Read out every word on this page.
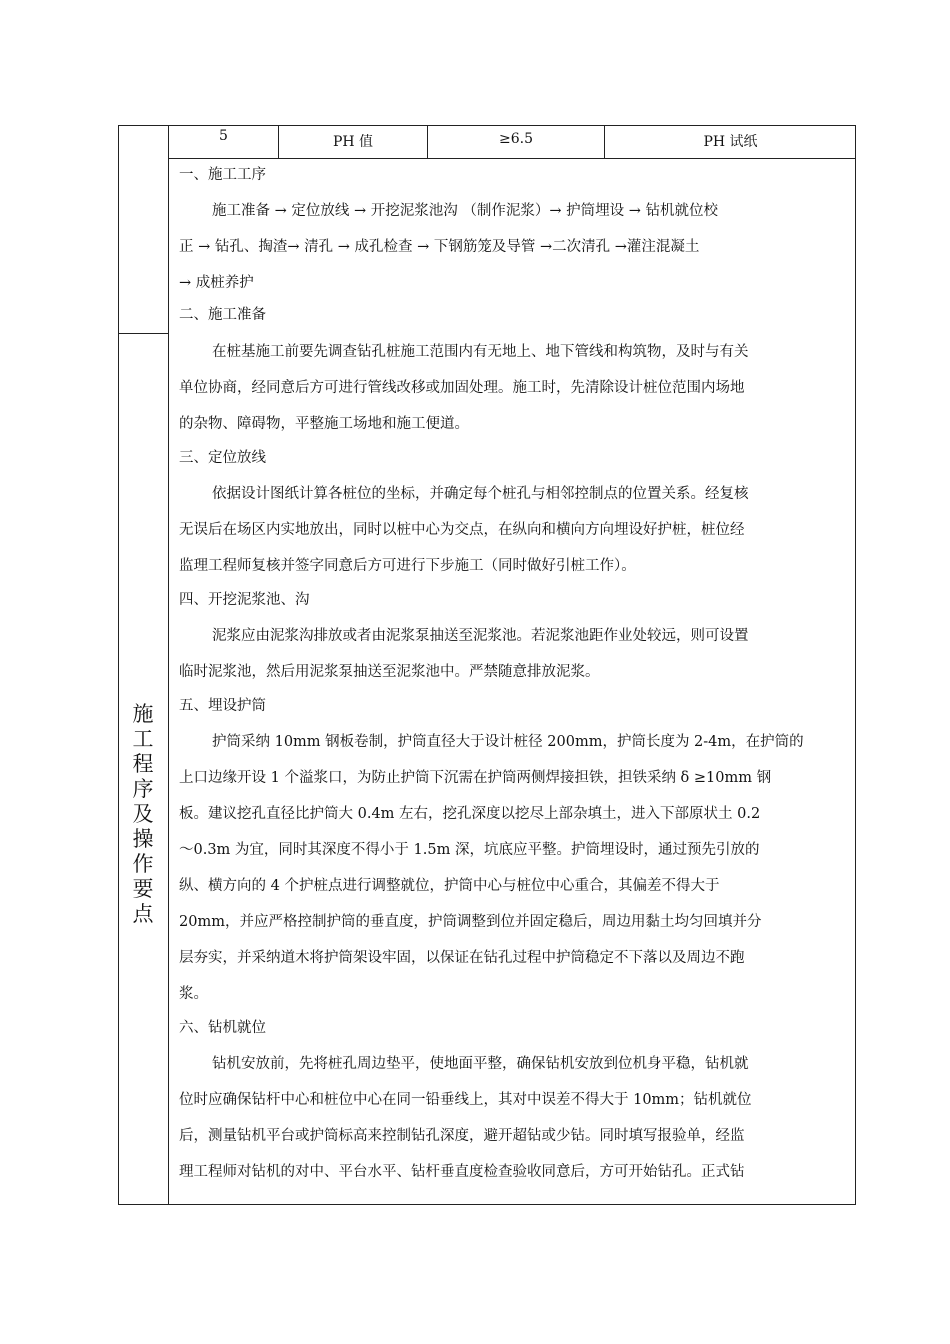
5	PH 值	≥6.5	PH 试纸
施
工
程
序
及
操
作
要
点
一、施工工序
施工准备 → 定位放线 → 开挖泥浆池沟 （制作泥浆）→ 护筒埋设 → 钻机就位校
正 → 钻孔、掏渣→ 清孔 → 成孔检查 → 下钢筋笼及导管 →二次清孔 →灌注混凝土
→ 成桩养护
二、施工准备
在桩基施工前要先调查钻孔桩施工范围内有无地上、地下管线和构筑物，及时与有关
单位协商，经同意后方可进行管线改移或加固处理。施工时，先清除设计桩位范围内场地
的杂物、障碍物，平整施工场地和施工便道。
三、定位放线
依据设计图纸计算各桩位的坐标，并确定每个桩孔与相邻控制点的位置关系。经复核
无误后在场区内实地放出，同时以桩中心为交点，在纵向和横向方向埋设好护桩，桩位经
监理工程师复核并签字同意后方可进行下步施工（同时做好引桩工作）。
四、开挖泥浆池、沟
泥浆应由泥浆沟排放或者由泥浆泵抽送至泥浆池。若泥浆池距作业处较远，则可设置
临时泥浆池，然后用泥浆泵抽送至泥浆池中。严禁随意排放泥浆。
五、埋设护筒
护筒采纳 10mm 钢板卷制，护筒直径大于设计桩径 200mm，护筒长度为 2-4m，在护筒的
上口边缘开设 1 个溢浆口，为防止护筒下沉需在护筒两侧焊接担铁，担铁采纳 δ ≥10mm 钢
板。建议挖孔直径比护筒大 0.4m 左右，挖孔深度以挖尽上部杂填土，进入下部原状土 0.2
～0.3m 为宜，同时其深度不得小于 1.5m 深，坑底应平整。护筒埋设时，通过预先引放的
纵、横方向的 4 个护桩点进行调整就位，护筒中心与桩位中心重合，其偏差不得大于
20mm，并应严格控制护筒的垂直度，护筒调整到位并固定稳后，周边用黏土均匀回填并分
层夯实，并采纳道木将护筒架设牢固，以保证在钻孔过程中护筒稳定不下落以及周边不跑
浆。
六、钻机就位
钻机安放前，先将桩孔周边垫平，使地面平整，确保钻机安放到位机身平稳，钻机就
位时应确保钻杆中心和桩位中心在同一铅垂线上，其对中误差不得大于 10mm；钻机就位
后，测量钻机平台或护筒标高来控制钻孔深度，避开超钻或少钻。同时填写报验单，经监
理工程师对钻机的对中、平台水平、钻杆垂直度检查验收同意后，方可开始钻孔。正式钻
